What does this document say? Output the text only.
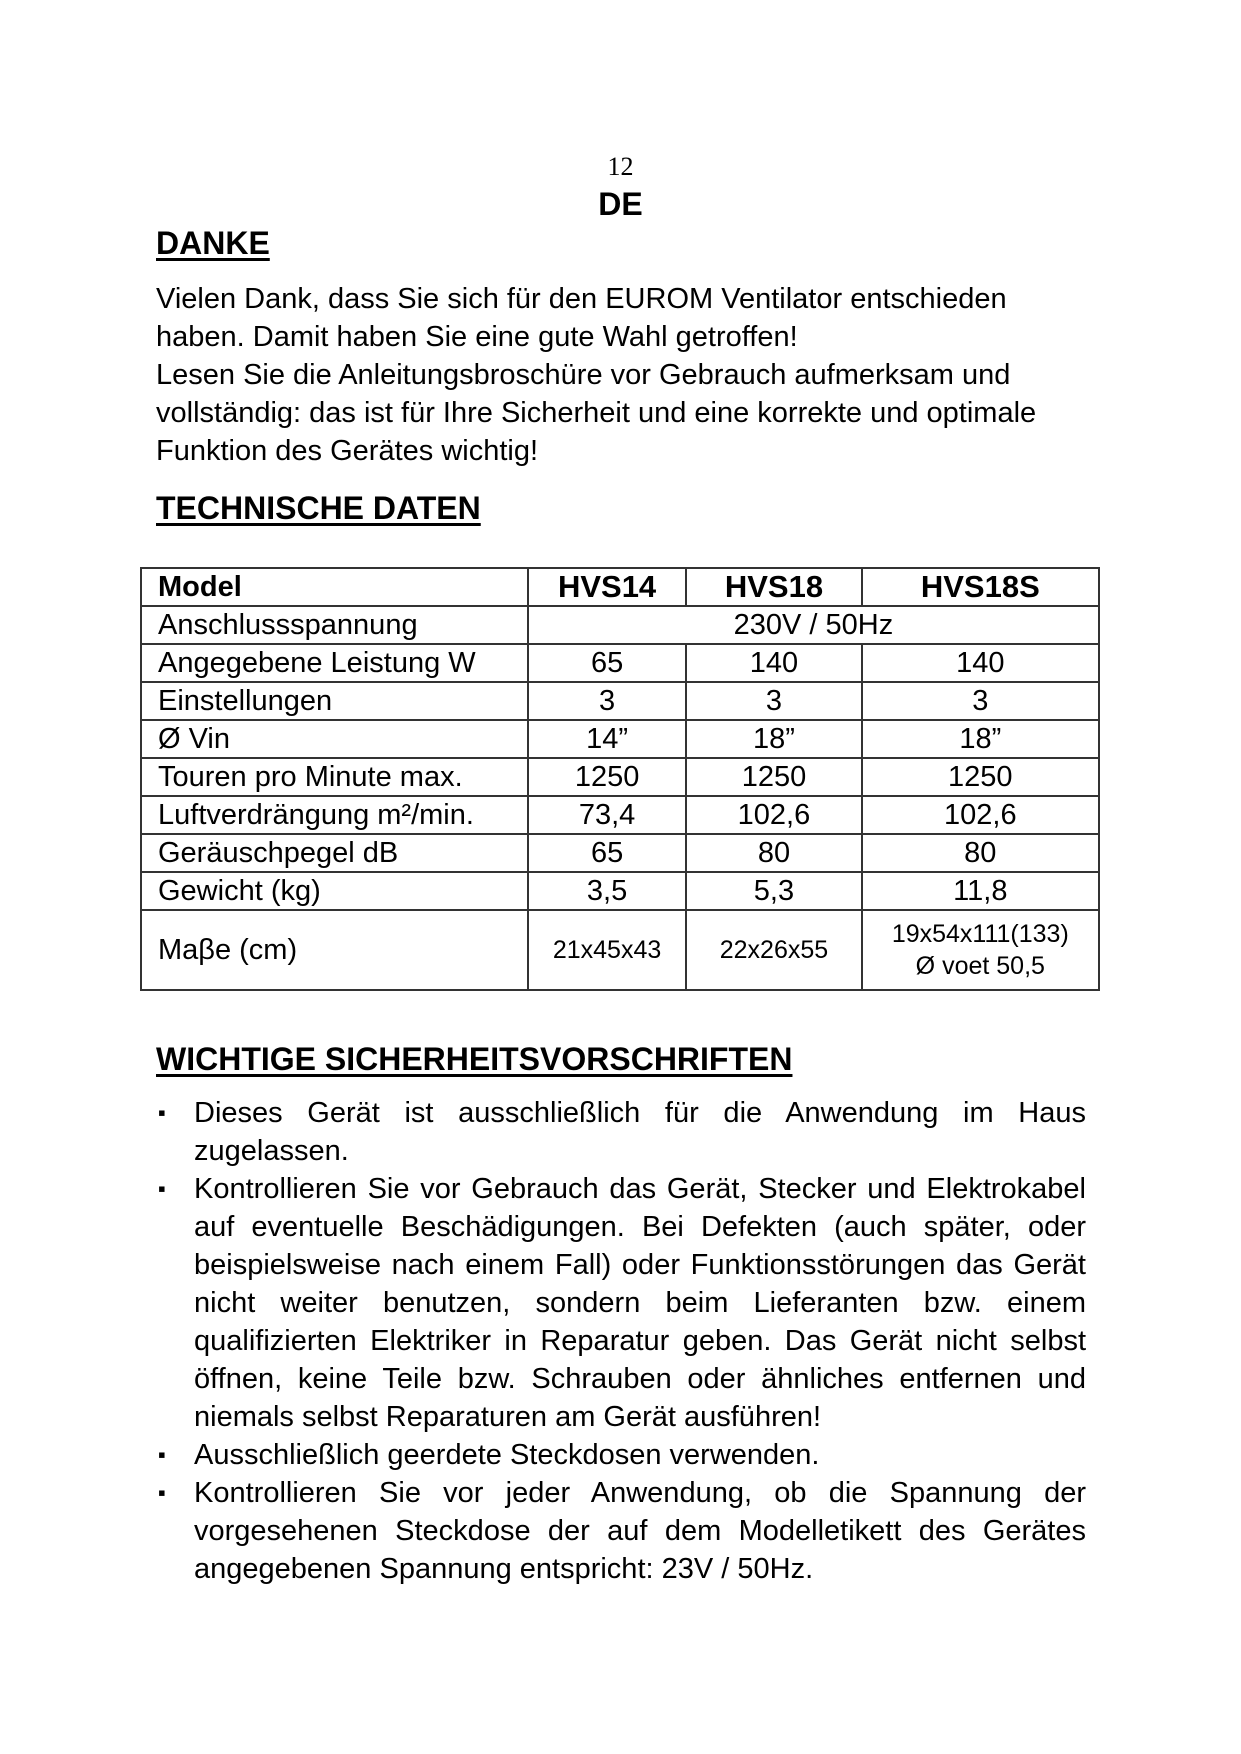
12
DE
DANKE

Vielen Dank, dass Sie sich für den EUROM Ventilator entschieden haben. Damit haben Sie eine gute Wahl getroffen!

Lesen Sie die Anleitungsbroschüre vor Gebrauch aufmerksam und vollständig: das ist für Ihre Sicherheit und eine korrekte und optimale Funktion des Gerätes wichtig!

TECHNISCHE DATEN
Model	HVS14	HVS18	HVS18S
Anschlussspannung	230V / 50Hz		
Angegebene Leistung W	65	140	140
Einstellungen	3	3	3
Ø Vin	14”	18”	18”
Touren pro Minute max.	1250	1250	1250
Luftverdrängung m²/min.	73,4	102,6	102,6
Geräuschpegel dB	65	80	80
Gewicht (kg)	3,5	5,3	11,8
Maβe (cm)	21x45x43	22x26x55	19x54x111(133)
Ø voet 50,5
WICHTIGE SICHERHEITSVORSCHRIFTEN
▪ Dieses Gerät ist ausschließlich für die Anwendung im Haus zugelassen.
▪ Kontrollieren Sie vor Gebrauch das Gerät, Stecker und Elektrokabel auf eventuelle Beschädigungen. Bei Defekten (auch später, oder beispielsweise nach einem Fall) oder Funktionsstörungen das Gerät nicht weiter benutzen, sondern beim Lieferanten bzw. einem qualifizierten Elektriker in Reparatur geben. Das Gerät nicht selbst öffnen, keine Teile bzw. Schrauben oder ähnliches entfernen und niemals selbst Reparaturen am Gerät ausführen!
▪ Ausschließlich geerdete Steckdosen verwenden.
▪ Kontrollieren Sie vor jeder Anwendung, ob die Spannung der vorgesehenen Steckdose der auf dem Modelletikett des Gerätes angegebenen Spannung entspricht: 23V / 50Hz.
